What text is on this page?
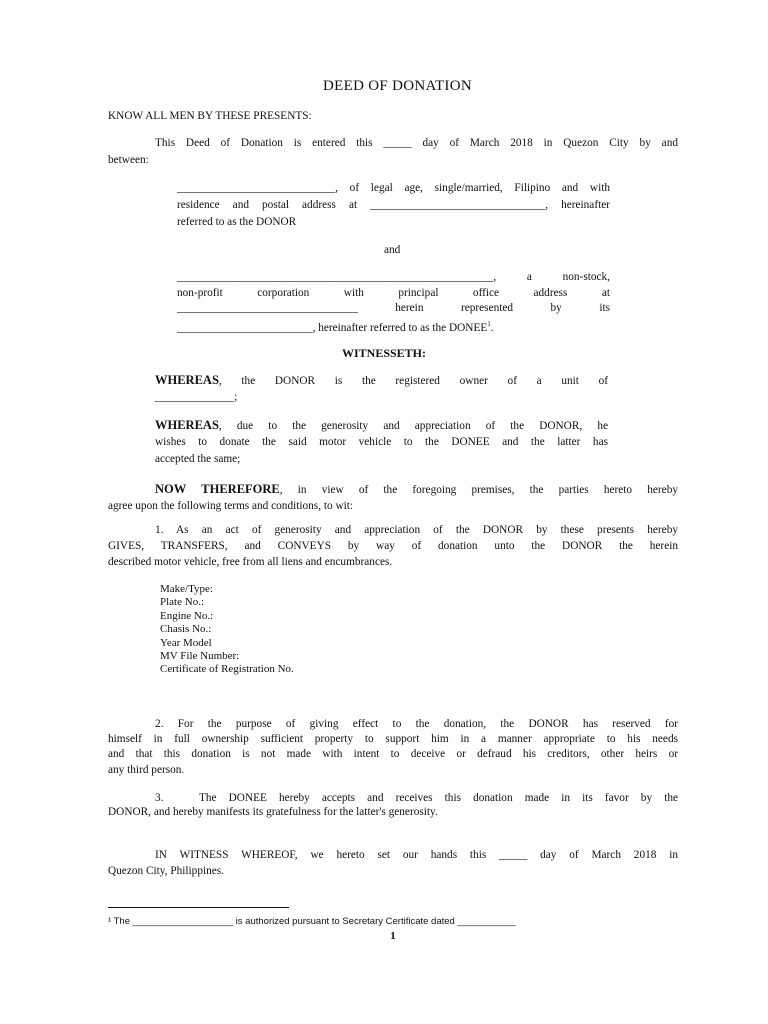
DEED OF DONATION
KNOW ALL MEN BY THESE PRESENTS:
This Deed of Donation is entered this _____ day of March 2018 in Quezon City by and
between:
____________________________, of legal age, single/married, Filipino and with
residence and postal address at _______________________________, hereinafter
referred to as the DONOR
and
________________________________________________________, a non-stock,
non-profit corporation with principal office address at
________________________________ herein represented by its
________________________, hereinafter referred to as the DONEE$^1$.
WITNESSETH:
WHEREAS, the DONOR is the registered owner of a unit of
______________;
WHEREAS, due to the generosity and appreciation of the DONOR, he
wishes to donate the said motor vehicle to the DONEE and the latter has
accepted the same;
NOW THEREFORE, in view of the foregoing premises, the parties hereto hereby
agree upon the following terms and conditions, to wit:
1. As an act of generosity and appreciation of the DONOR by these presents hereby
GIVES, TRANSFERS, and CONVEYS by way of donation unto the DONOR the herein
described motor vehicle, free from all liens and encumbrances.
Make/Type:
Plate No.:
Engine No.:
Chasis No.:
Year Model
MV File Number:
Certificate of Registration No.
2. For the purpose of giving effect to the donation, the DONOR has reserved for
himself in full ownership sufficient property to support him in a manner appropriate to his needs
and that this donation is not made with intent to deceive or defraud his creditors, other heirs or
any third person.
3.	The DONEE hereby accepts and receives this donation made in its favor by the
DONOR, and hereby manifests its gratefulness for the latter's generosity.
IN WITNESS WHEREOF, we hereto set our hands this _____ day of March 2018 in
Quezon City, Philippines.
¹ The ___________________ is authorized pursuant to Secretary Certificate dated ___________
1
